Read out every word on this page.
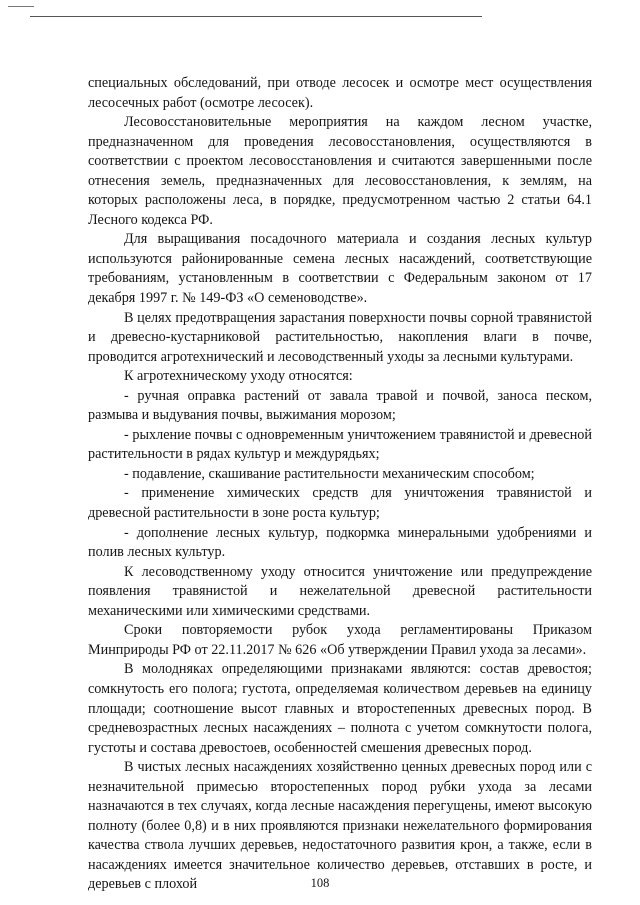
специальных обследований, при отводе лесосек и осмотре мест осуществления лесосечных работ (осмотре лесосек).

Лесовосстановительные мероприятия на каждом лесном участке, предназначенном для проведения лесовосстановления, осуществляются в соответствии с проектом лесовосстановления и считаются завершенными после отнесения земель, предназначенных для лесовосстановления, к землям, на которых расположены леса, в порядке, предусмотренном частью 2 статьи 64.1 Лесного кодекса РФ.

Для выращивания посадочного материала и создания лесных культур используются районированные семена лесных насаждений, соответствующие требованиям, установленным в соответствии с Федеральным законом от 17 декабря 1997 г. № 149-ФЗ «О семеноводстве».

В целях предотвращения зарастания поверхности почвы сорной травянистой и древесно-кустарниковой растительностью, накопления влаги в почве, проводится агротехнический и лесоводственный уходы за лесными культурами.

К агротехническому уходу относятся:

- ручная оправка растений от завала травой и почвой, заноса песком, размыва и выдувания почвы, выжимания морозом;

- рыхление почвы с одновременным уничтожением травянистой и древесной растительности в рядах культур и междурядьях;

- подавление, скашивание растительности механическим способом;

- применение химических средств для уничтожения травянистой и древесной растительности в зоне роста культур;

- дополнение лесных культур, подкормка минеральными удобрениями и полив лесных культур.

К лесоводственному уходу относится уничтожение или предупреждение появления травянистой и нежелательной древесной растительности механическими или химическими средствами.

Сроки повторяемости рубок ухода регламентированы Приказом Минприроды РФ от 22.11.2017 № 626 «Об утверждении Правил ухода за лесами».

В молодняках определяющими признаками являются: состав древостоя; сомкнутость его полога; густота, определяемая количеством деревьев на единицу площади; соотношение высот главных и второстепенных древесных пород. В средневозрастных лесных насаждениях – полнота с учетом сомкнутости полога, густоты и состава древостоев, особенностей смешения древесных пород.

В чистых лесных насаждениях хозяйственно ценных древесных пород или с незначительной примесью второстепенных пород рубки ухода за лесами назначаются в тех случаях, когда лесные насаждения перегущены, имеют высокую полноту (более 0,8) и в них проявляются признаки нежелательного формирования качества ствола лучших деревьев, недостаточного развития крон, а также, если в насаждениях имеется значительное количество деревьев, отставших в росте, и деревьев с плохой	108
